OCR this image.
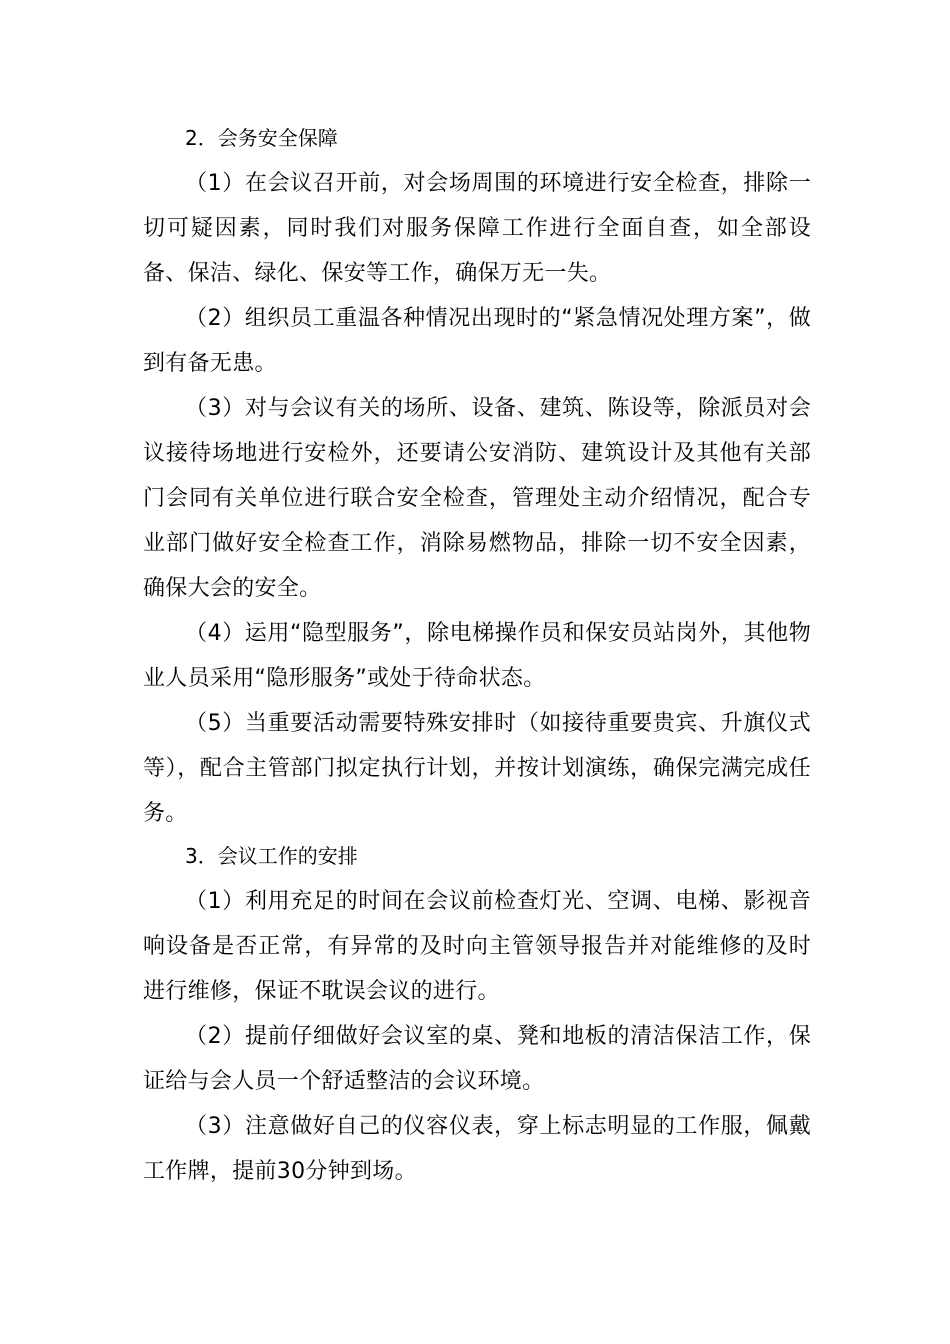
2．会务安全保障

（1）在会议召开前，对会场周围的环境进行安全检查，排除一切可疑因素，同时我们对服务保障工作进行全面自查，如全部设备、保洁、绿化、保安等工作，确保万无一失。

（2）组织员工重温各种情况出现时的“紧急情况处理方案”，做到有备无患。

（3）对与会议有关的场所、设备、建筑、陈设等，除派员对会议接待场地进行安检外，还要请公安消防、建筑设计及其他有关部门会同有关单位进行联合安全检查，管理处主动介绍情况，配合专业部门做好安全检查工作，消除易燃物品，排除一切不安全因素，确保大会的安全。

（4）运用“隐型服务”，除电梯操作员和保安员站岗外，其他物业人员采用“隐形服务”或处于待命状态。

（5）当重要活动需要特殊安排时（如接待重要贵宾、升旗仪式等），配合主管部门拟定执行计划，并按计划演练，确保完满完成任务。

3．会议工作的安排

（1）利用充足的时间在会议前检查灯光、空调、电梯、影视音响设备是否正常，有异常的及时向主管领导报告并对能维修的及时进行维修，保证不耽误会议的进行。

（2）提前仔细做好会议室的桌、凳和地板的清洁保洁工作，保证给与会人员一个舒适整洁的会议环境。

（3）注意做好自己的仪容仪表，穿上标志明显的工作服，佩戴工作牌，提前30分钟到场。
